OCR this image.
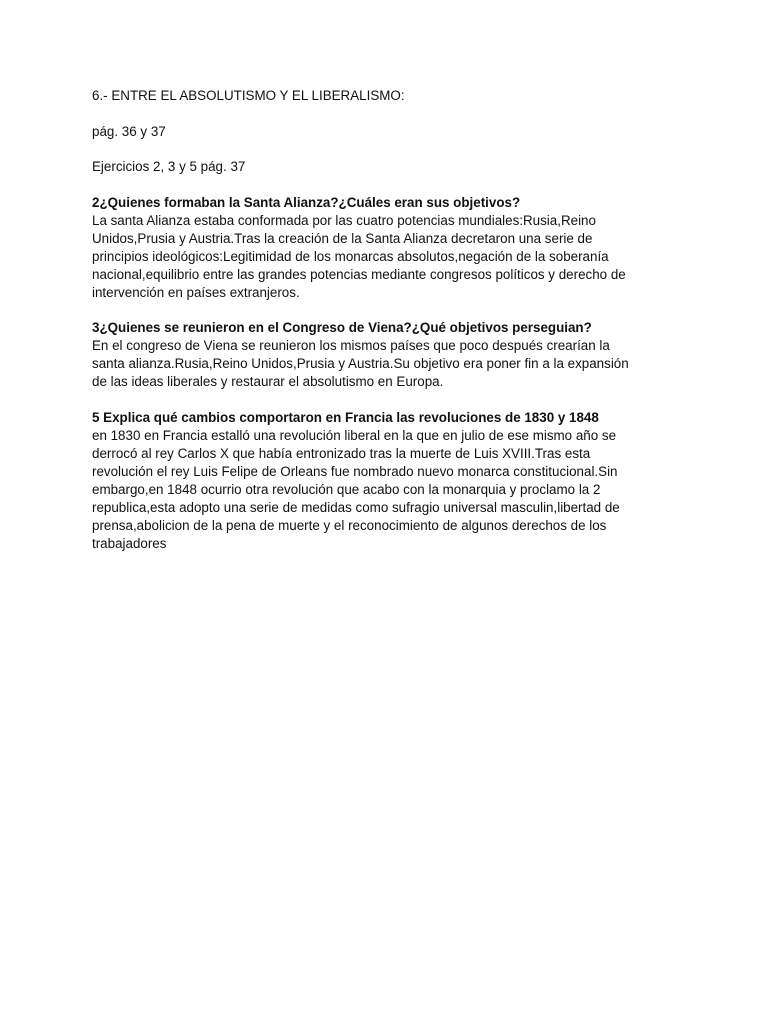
6.- ENTRE EL ABSOLUTISMO Y EL LIBERALISMO:
pág. 36 y 37
Ejercicios 2, 3 y 5 pág. 37
2¿Quienes formaban la Santa Alianza?¿Cuáles eran sus objetivos?
La santa Alianza estaba conformada por las cuatro potencias mundiales:Rusia,Reino
Unidos,Prusia y Austria.Tras la creación de la Santa Alianza decretaron una serie de
principios ideológicos:Legitimidad de los monarcas absolutos,negación de la soberanía
nacional,equilibrio entre las grandes potencias mediante congresos políticos y derecho de
intervención en países extranjeros.
3¿Quienes se reunieron en el Congreso de Viena?¿Qué objetivos perseguian?
En el congreso de Viena se reunieron los mismos países que poco después crearían la
santa alianza.Rusia,Reino Unidos,Prusia y Austria.Su objetivo era poner fin a la expansión
de las ideas liberales y restaurar el absolutismo en Europa.
5 Explica qué cambios comportaron en Francia las revoluciones de 1830 y 1848
en 1830 en Francia estalló una revolución liberal en la que en julio de ese mismo año se
derrocó al rey Carlos X que había entronizado tras la muerte de Luis XVIII.Tras esta
revolución el rey Luis Felipe de Orleans fue nombrado nuevo monarca constitucional.Sin
embargo,en 1848 ocurrio otra revolución que acabo con la monarquia y proclamo la 2
republica,esta adopto una serie de medidas como sufragio universal masculin,libertad de
prensa,abolicion de la pena de muerte y el reconocimiento de algunos derechos de los
trabajadores
